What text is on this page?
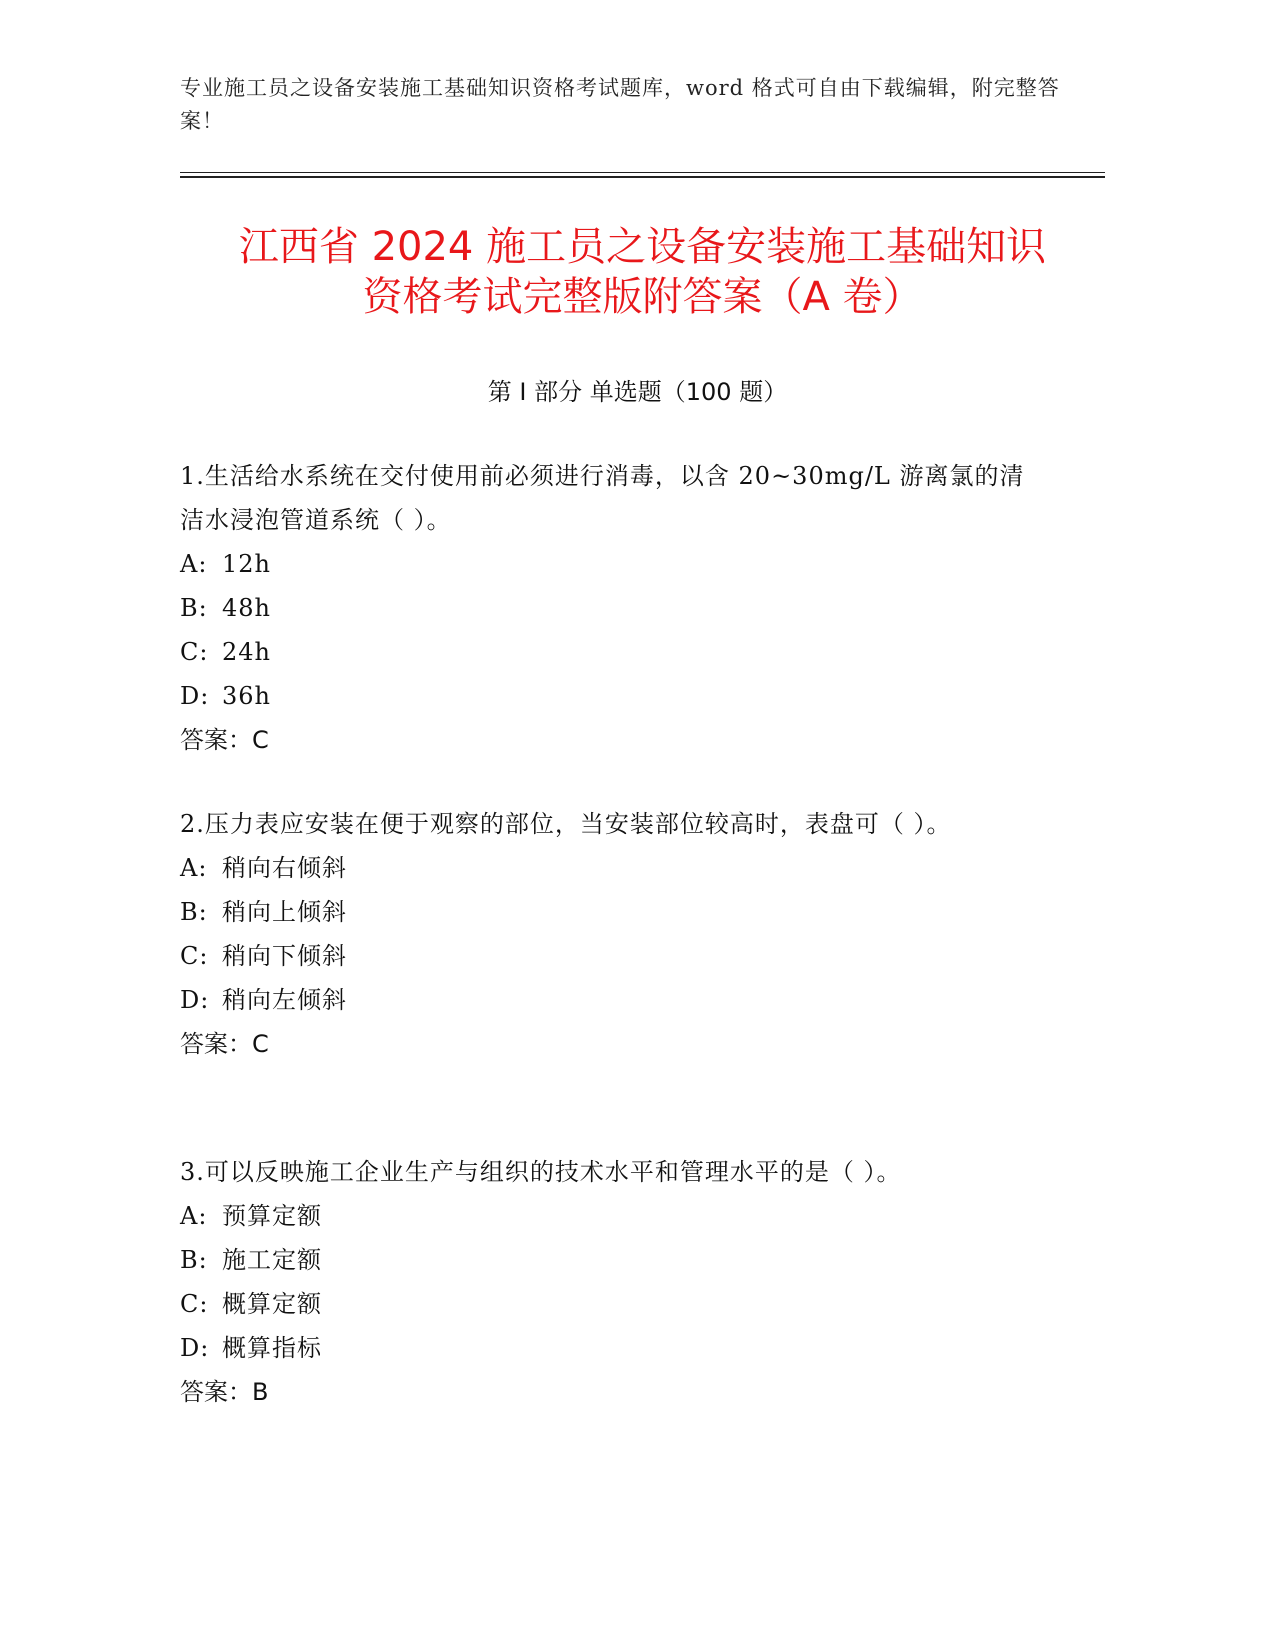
专业施工员之设备安装施工基础知识资格考试题库，word 格式可自由下载编辑，附完整答案！
江西省 2024 施工员之设备安装施工基础知识
资格考试完整版附答案（A 卷）
第 I 部分 单选题（100 题）
1.生活给水系统在交付使用前必须进行消毒，以含 20~30mg/L 游离氯的清洁水浸泡管道系统（ ）。
A: 12h
B: 48h
C: 24h
D: 36h
答案：C
2.压力表应安装在便于观察的部位，当安装部位较高时，表盘可（ ）。
A: 稍向右倾斜
B: 稍向上倾斜
C: 稍向下倾斜
D: 稍向左倾斜
答案：C
3.可以反映施工企业生产与组织的技术水平和管理水平的是（ ）。
A: 预算定额
B: 施工定额
C: 概算定额
D: 概算指标
答案：B
